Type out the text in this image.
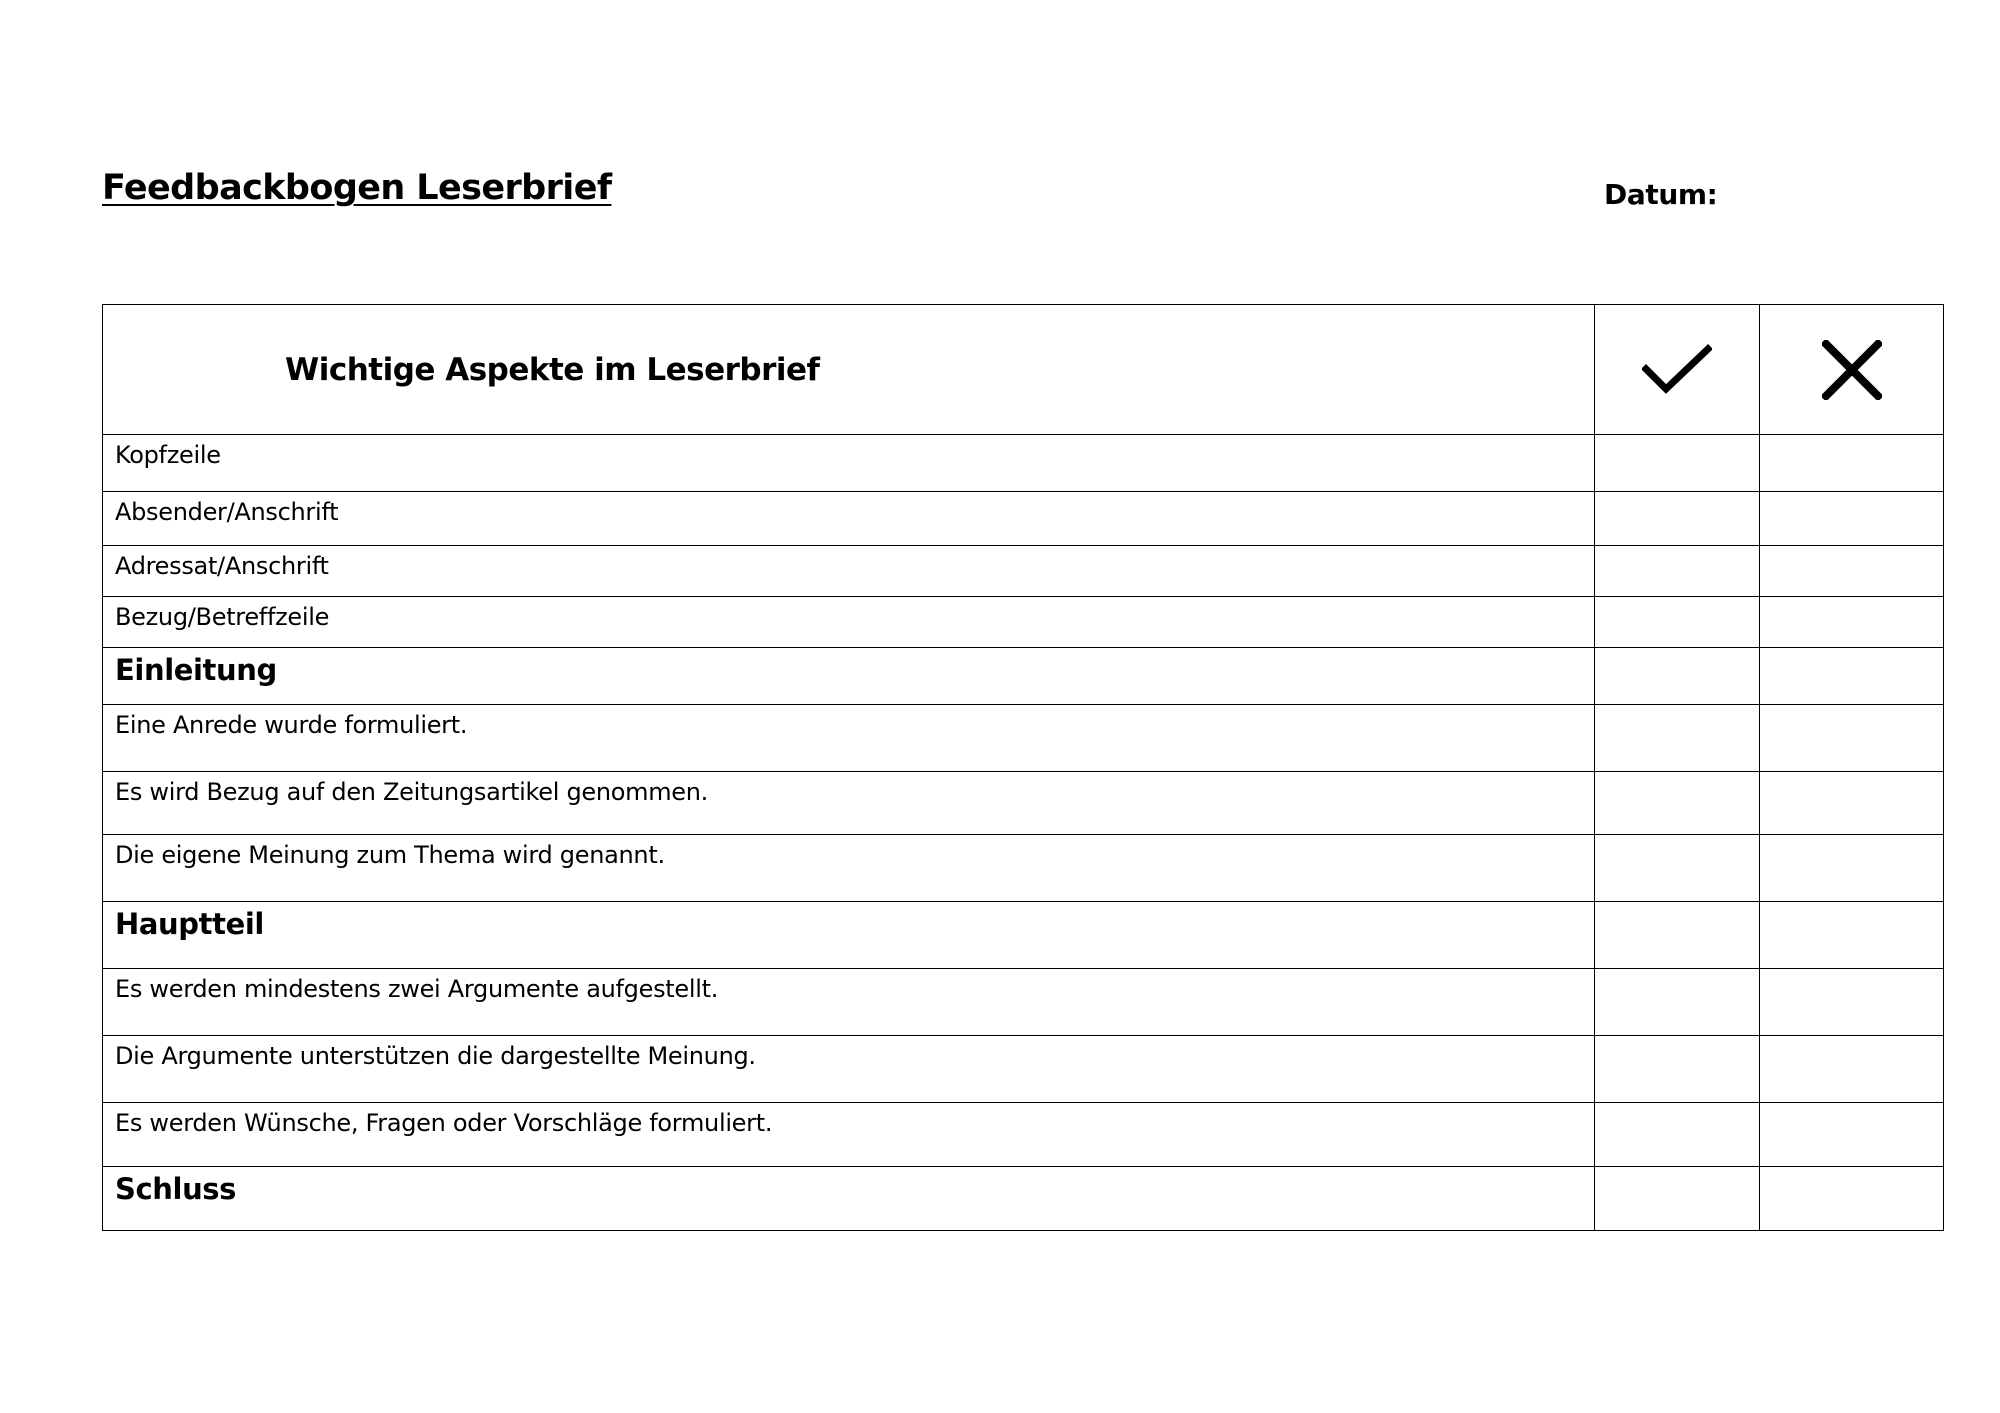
Feedbackbogen Leserbrief	Datum:
Wichtige Aspekte im Leserbrief	

Kopfzeile		
Absender/Anschrift		
Adressat/Anschrift		
Bezug/Betreffzeile		
Einleitung		
Eine Anrede wurde formuliert.		
Es wird Bezug auf den Zeitungsartikel genommen.		
Die eigene Meinung zum Thema wird genannt.		
Hauptteil		
Es werden mindestens zwei Argumente aufgestellt.		
Die Argumente unterstützen die dargestellte Meinung.		
Es werden Wünsche, Fragen oder Vorschläge formuliert.		
Schluss		
